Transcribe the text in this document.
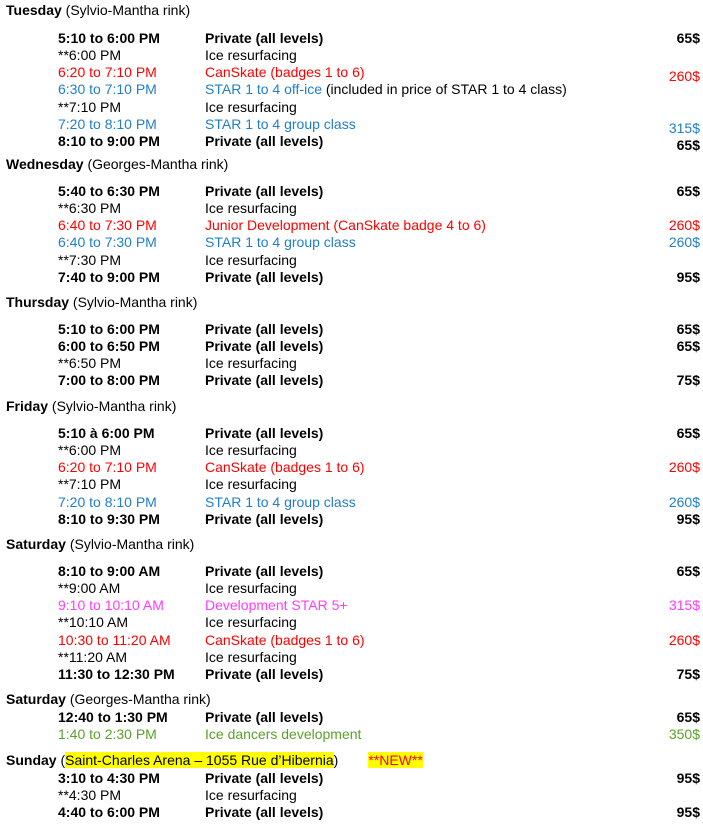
Tuesday (Sylvio-Mantha rink)
5:10 to 6:00 PM	Private (all levels)	65$
**6:00 PM	Ice resurfacing
6:20 to 7:10 PM	CanSkate (badges 1 to 6)	260$
6:30 to 7:10 PM	STAR 1 to 4 off-ice (included in price of STAR 1 to 4 class)
**7:10 PM	Ice resurfacing
7:20 to 8:10 PM	STAR 1 to 4 group class	315$
8:10 to 9:00 PM	Private (all levels)	65$
Wednesday (Georges-Mantha rink)
5:40 to 6:30 PM	Private (all levels)	65$
**6:30 PM	Ice resurfacing
6:40 to 7:30 PM	Junior Development (CanSkate badge 4 to 6)	260$
6:40 to 7:30 PM	STAR 1 to 4 group class	260$
**7:30 PM	Ice resurfacing
7:40 to 9:00 PM	Private (all levels)	95$
Thursday (Sylvio-Mantha rink)
5:10 to 6:00 PM	Private (all levels)	65$
6:00 to 6:50 PM	Private (all levels)	65$
**6:50 PM	Ice resurfacing
7:00 to 8:00 PM	Private (all levels)	75$
Friday (Sylvio-Mantha rink)
5:10 à 6:00 PM	Private (all levels)	65$
**6:00 PM	Ice resurfacing
6:20 to 7:10 PM	CanSkate (badges 1 to 6)	260$
**7:10 PM	Ice resurfacing
7:20 to 8:10 PM	STAR 1 to 4 group class	260$
8:10 to 9:30 PM	Private (all levels)	95$
Saturday (Sylvio-Mantha rink)
8:10 to 9:00 AM	Private (all levels)	65$
**9:00 AM	Ice resurfacing
9:10 to 10:10 AM	Development STAR 5+	315$
**10:10 AM	Ice resurfacing
10:30 to 11:20 AM CanSkate (badges 1 to 6)	260$
**11:20 AM	Ice resurfacing
11:30 to 12:30 PM Private (all levels)	75$
Saturday (Georges-Mantha rink)
12:40 to 1:30 PM	Private (all levels)	65$
1:40 to 2:30 PM	Ice dancers development	350$
Sunday (Saint-Charles Arena – 1055 Rue d’Hibernia) **NEW**
3:10 to 4:30 PM	Private (all levels)	95$
**4:30 PM	Ice resurfacing
4:40 to 6:00 PM	Private (all levels)	95$
